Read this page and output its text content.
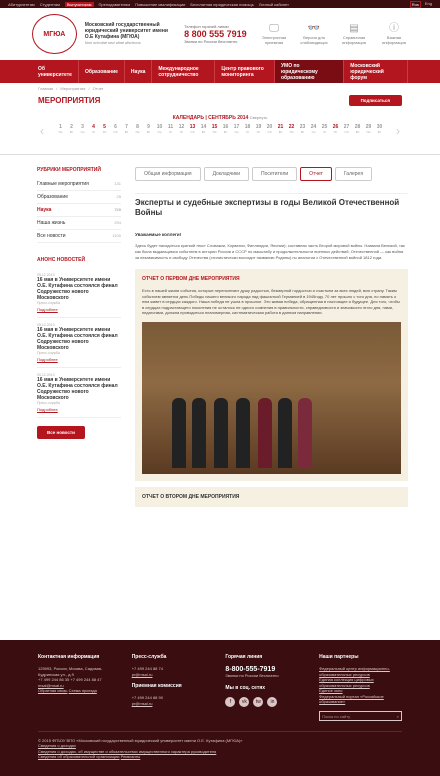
Абитуриентам Студентам	Выпускникам	Преподавателям Повышение квалификации Бесплатная юридическая помощь Личный кабинет	Rus	Eng
МГЮА
Московский государственный юридический университет имени О.Е Кутафина (МГЮА)
Non scholae sed vitae discimus
Телефон горячей линии
8 800 555 7919
Звонки по России бесплатно
🖵
Электронная приемная
👓
Версия для слабовидящих
▤
Справочная информация
ⓘ
Важная информация
Об университете	Образование	Наука	Международное сотрудничество
Центр правового мониторинга
УМО по юридическому образованию
Московский юридический форум
Главная / Мероприятия / Отчет
МЕРОПРИЯТИЯ	Подписаться
КАЛЕНДАРЬ | СЕНТЯБРЬ 2014 Свернуть
‹	›
1
Пн
2
Вт
3
Ср
4
Чт
5
Пт
6
Сб
7
Вс
8
Пн
9
Вт
10
Ср
11
Чт
12
Пт
13
Сб
14
Вс
15
Пн
16
Вт
17
Ср
18
Чт
19
Пт
20
Сб
21
Вс
22
Пн
23
Вт
24
Ср
25
Чт
26
Пт
27
Сб
28
Вс
29
Пн
30
Вт
РУБРИКИ МЕРОПРИЯТИЙ
Главные мероприятия	131
Образование	25
Наука	720
Наша жизнь	294
Все новости	1100
АНОНС НОВОСТЕЙ
05.12.2013
16 мая в Университете имени О.Е. Кутафина состоялся финал Содружество нового Московского
Пресс-служба
Подробнее
05.12.2013
16 мая в Университете имени О.Е. Кутафина состоялся финал Содружество нового Московского
Пресс-служба
Подробнее
05.12.2013
16 мая в Университете имени О.Е. Кутафина состоялся финал Содружество нового Московского
Пресс-служба
Подробнее
Все новости
Общая информация	Докладчики	Посетители	Отчет	Галерея
Эксперты и судебные экспертизы в годы Великой Отечественной Войны
Уважаемые коллеги!

Здесь будет находиться краткий текст Словакии, Хорватии, Финляндии, Японии); составная часть Второй мировой войны. Названа Великой, так как была выдающимся событием в истории России и СССР по масштабу и продолжительности военных действий; Отечественной — как война за независимость и свободу Отечества (стилистически восходит названию Родины) по аналогии с Отечественной войной 1812 года.

ОТЧЕТ О ПЕРВОМ ДНЕ МЕРОПРИЯТИЯ

Есть в нашей жизни события, которые переполняют душу радостью, безмерной гордостью и счастьем за всех людей, всю страну. Таким событием является день Победы нашего великого народа над фашисткой Германией в 1945году. 70 лет прошло с того дня, но память о нем живет в сердцах каждого. Наша победа не ушла в прошлое. Это живая победа, обращенная в настоящее и будущее. Для того, чтобы в сердцах подрастающего поколения не осталось не одного сомнения в правильности, справедливости и значимости этого дня, нами, педагогами, должна проводиться планомерная, систематическая работа в данном направлении.

ОТЧЕТ О ВТОРОМ ДНЕ МЕРОПРИЯТИЯ
Контактная информация

125993, Россия, Москва, Садовая-Кудринская ул., д.9

+7 499 244 86 35 +7 499 244 88 47

msal@msal.ru

Обратная связь Схема проезда

Пресс-служба

+7 499 244 88 74

pr@msal.ru

Приемная комиссия

+7 499 244 88 90

pr@msal.ru

Горячая линия
8-800-555-7919

Звонки по России бесплатно

Мы в соц. сетях
f	vk	tw	in
Наши партнеры

Федеральный центр информационно-образовательных ресурсов

Единая коллекция цифровых образовательных ресурсов

Единое окно

Федеральный портал «Российское образование»

Поиск по сайту	⌕
© 2015 ФГБОУ ВПО «Московский государственный юридический университет имени О.Е. Кутафина (МГЮА)»
Сведения о доходах
Сведения о доходах, об имуществе и обязательствах имущественного характера руководителя
Сведения об образовательной организации Реквизиты
